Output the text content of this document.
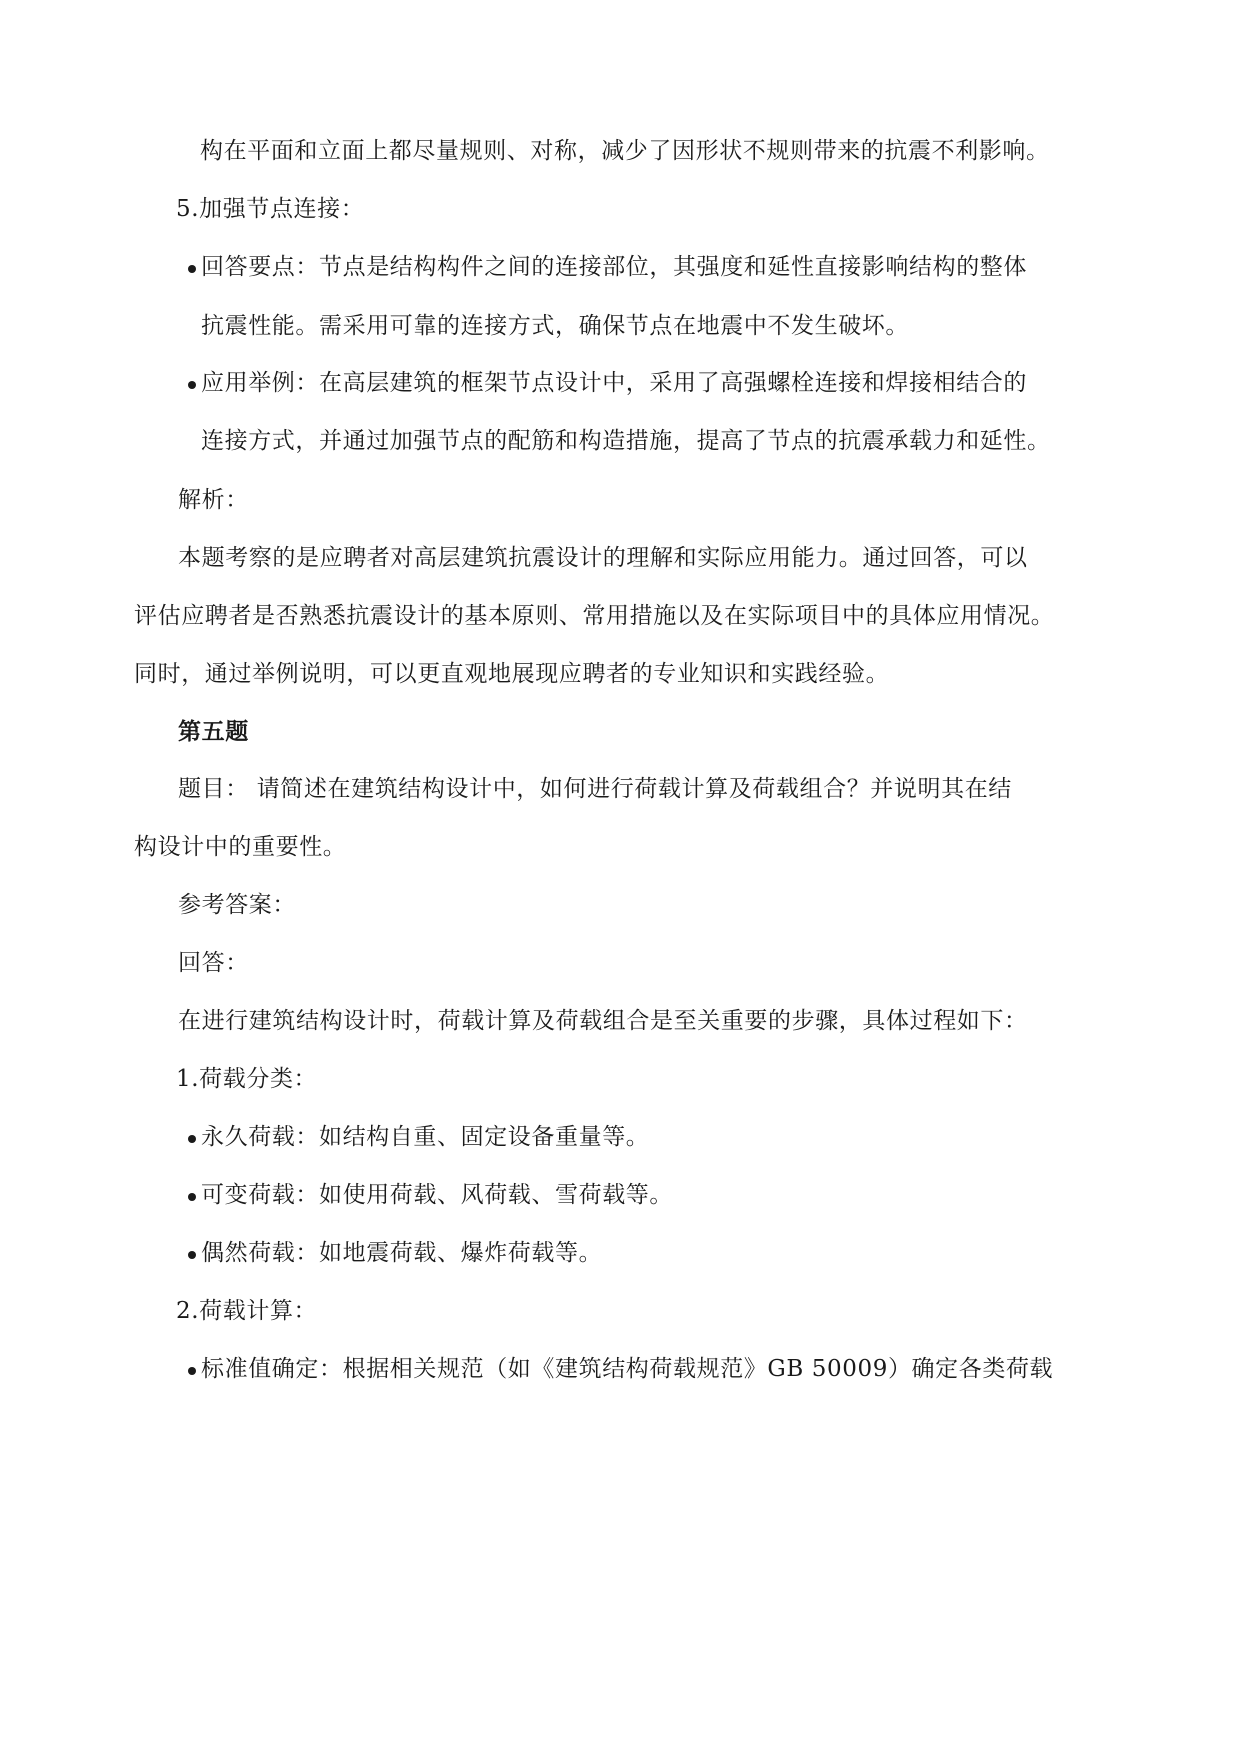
构在平面和立面上都尽量规则、对称，减少了因形状不规则带来的抗震不利影响。
5.加强节点连接：
回答要点：节点是结构构件之间的连接部位，其强度和延性直接影响结构的整体
抗震性能。需采用可靠的连接方式，确保节点在地震中不发生破坏。
应用举例：在高层建筑的框架节点设计中，采用了高强螺栓连接和焊接相结合的
连接方式，并通过加强节点的配筋和构造措施，提高了节点的抗震承载力和延性。
解析：
本题考察的是应聘者对高层建筑抗震设计的理解和实际应用能力。通过回答，可以
评估应聘者是否熟悉抗震设计的基本原则、常用措施以及在实际项目中的具体应用情况。
同时，通过举例说明，可以更直观地展现应聘者的专业知识和实践经验。
第五题
题目： 请简述在建筑结构设计中，如何进行荷载计算及荷载组合？并说明其在结
构设计中的重要性。
参考答案：
回答：
在进行建筑结构设计时，荷载计算及荷载组合是至关重要的步骤，具体过程如下：
1.荷载分类：
永久荷载：如结构自重、固定设备重量等。
可变荷载：如使用荷载、风荷载、雪荷载等。
偶然荷载：如地震荷载、爆炸荷载等。
2.荷载计算：
标准值确定：根据相关规范（如《建筑结构荷载规范》GB 50009）确定各类荷载
